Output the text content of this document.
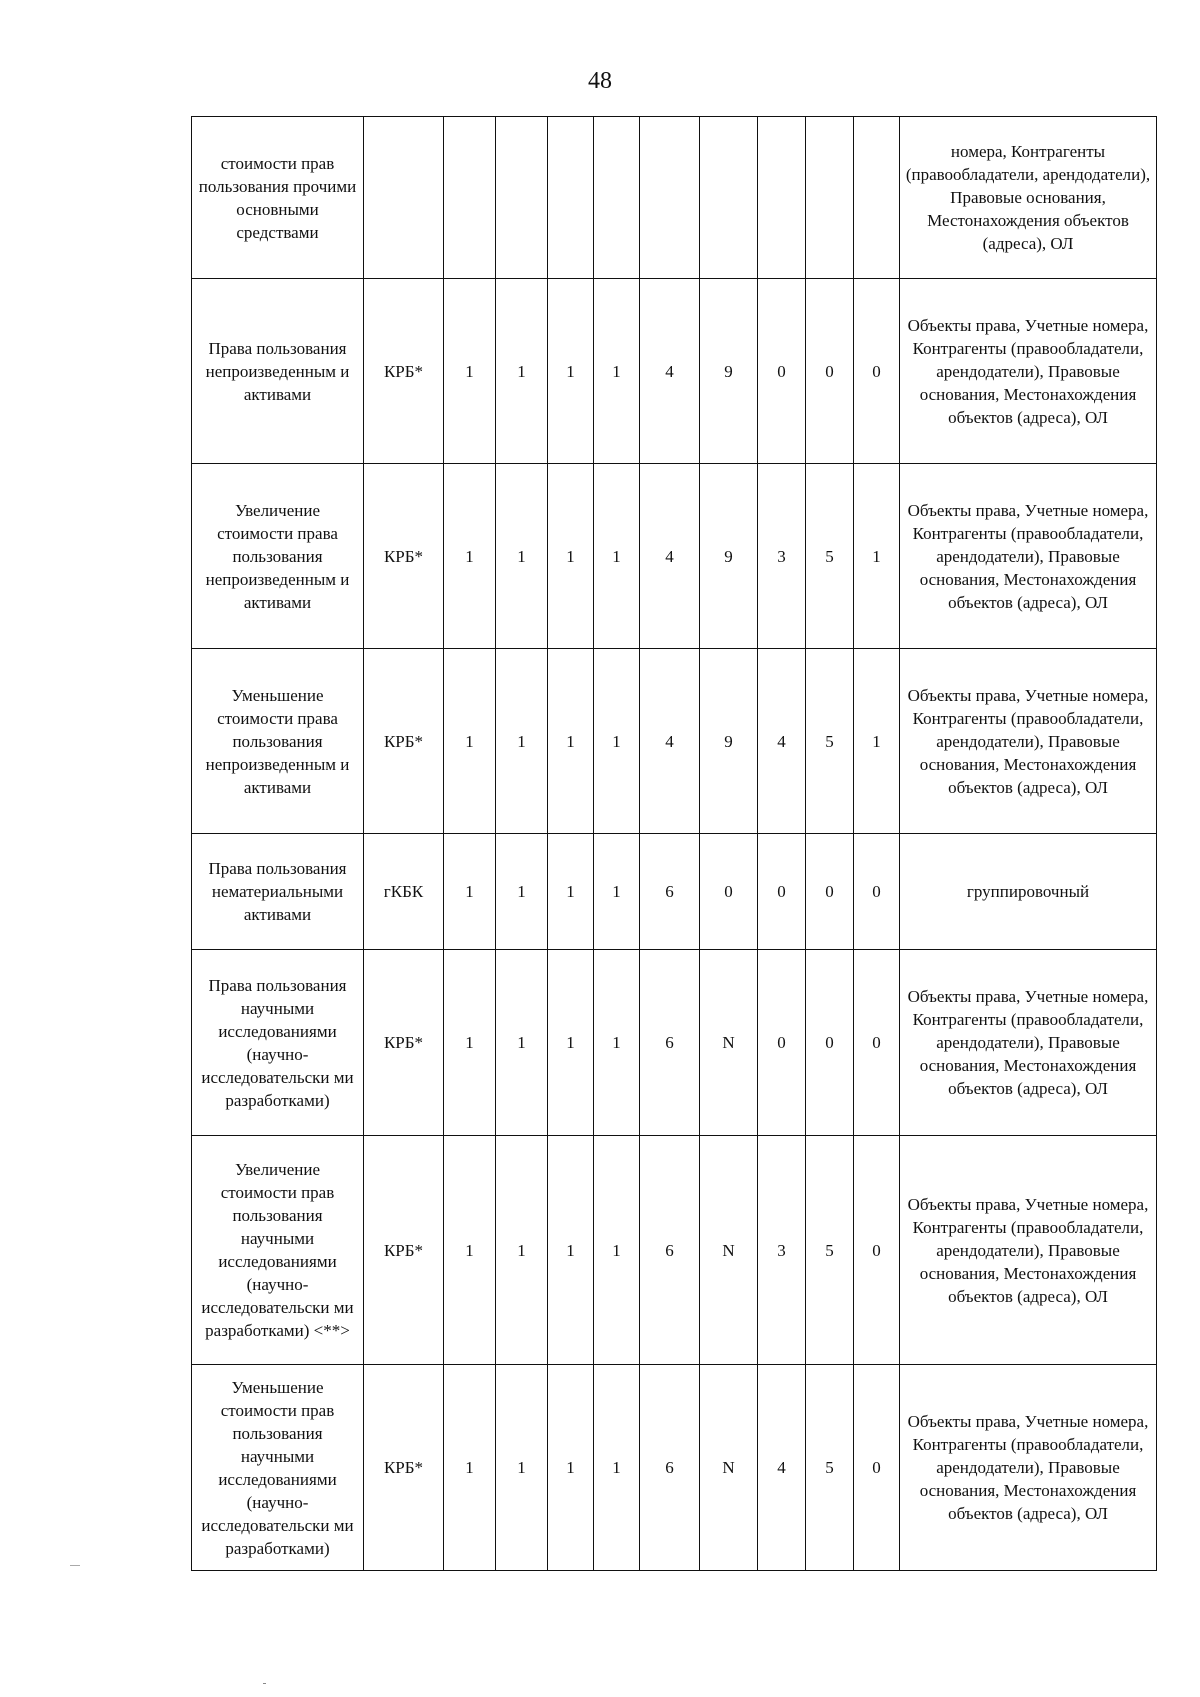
48
стоимости прав пользования прочими основными средствами											номера, Контрагенты (правообладатели, арендодатели), Правовые основания, Местонахождения объектов (адреса), ОЛ
Права пользования непроизведенным и активами	КРБ*	1	1	1	1	4	9	0	0	0	Объекты права, Учетные номера, Контрагенты (правообладатели, арендодатели), Правовые основания, Местонахождения объектов (адреса), ОЛ
Увеличение стоимости права пользования непроизведенным и активами	КРБ*	1	1	1	1	4	9	3	5	1	Объекты права, Учетные номера, Контрагенты (правообладатели, арендодатели), Правовые основания, Местонахождения объектов (адреса), ОЛ
Уменьшение стоимости права пользования непроизведенным и активами	КРБ*	1	1	1	1	4	9	4	5	1	Объекты права, Учетные номера, Контрагенты (правообладатели, арендодатели), Правовые основания, Местонахождения объектов (адреса), ОЛ
Права пользования нематериальными активами	гКБК	1	1	1	1	6	0	0	0	0	группировочный
Права пользования научными исследованиями (научно-исследовательски ми разработками)	КРБ*	1	1	1	1	6	N	0	0	0	Объекты права, Учетные номера, Контрагенты (правообладатели, арендодатели), Правовые основания, Местонахождения объектов (адреса), ОЛ
Увеличение стоимости прав пользования научными исследованиями (научно-исследовательски ми разработками) <**>	КРБ*	1	1	1	1	6	N	3	5	0	Объекты права, Учетные номера, Контрагенты (правообладатели, арендодатели), Правовые основания, Местонахождения объектов (адреса), ОЛ
Уменьшение стоимости прав пользования научными исследованиями (научно-исследовательски ми разработками)	КРБ*	1	1	1	1	6	N	4	5	0	Объекты права, Учетные номера, Контрагенты (правообладатели, арендодатели), Правовые основания, Местонахождения объектов (адреса), ОЛ
